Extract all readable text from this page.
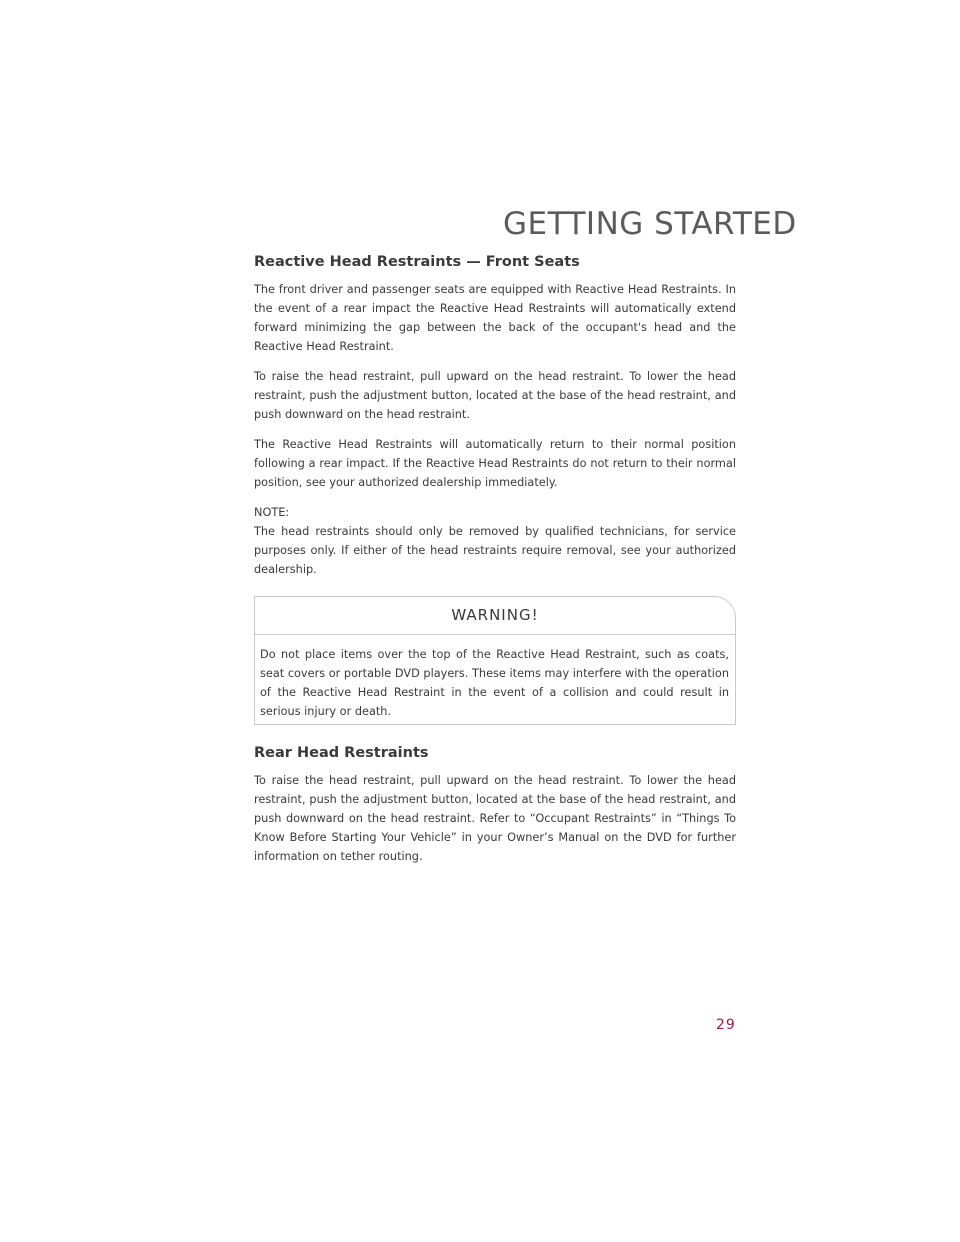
GETTING STARTED
Reactive Head Restraints — Front Seats

The front driver and passenger seats are equipped with Reactive Head Restraints. In the event of a rear impact the Reactive Head Restraints will automatically extend forward minimizing the gap between the back of the occupant's head and the Reactive Head Restraint.

To raise the head restraint, pull upward on the head restraint. To lower the head restraint, push the adjustment button, located at the base of the head restraint, and push downward on the head restraint.

The Reactive Head Restraints will automatically return to their normal position following a rear impact. If the Reactive Head Restraints do not return to their normal position, see your authorized dealership immediately.

NOTE:

The head restraints should only be removed by qualified technicians, for service purposes only. If either of the head restraints require removal, see your authorized dealership.

WARNING!

Do not place items over the top of the Reactive Head Restraint, such as coats, seat covers or portable DVD players. These items may interfere with the operation of the Reactive Head Restraint in the event of a collision and could result in serious injury or death.

Rear Head Restraints

To raise the head restraint, pull upward on the head restraint. To lower the head restraint, push the adjustment button, located at the base of the head restraint, and push downward on the head restraint. Refer to “Occupant Restraints” in “Things To Know Before Starting Your Vehicle” in your Owner’s Manual on the DVD for further information on tether routing.

29
